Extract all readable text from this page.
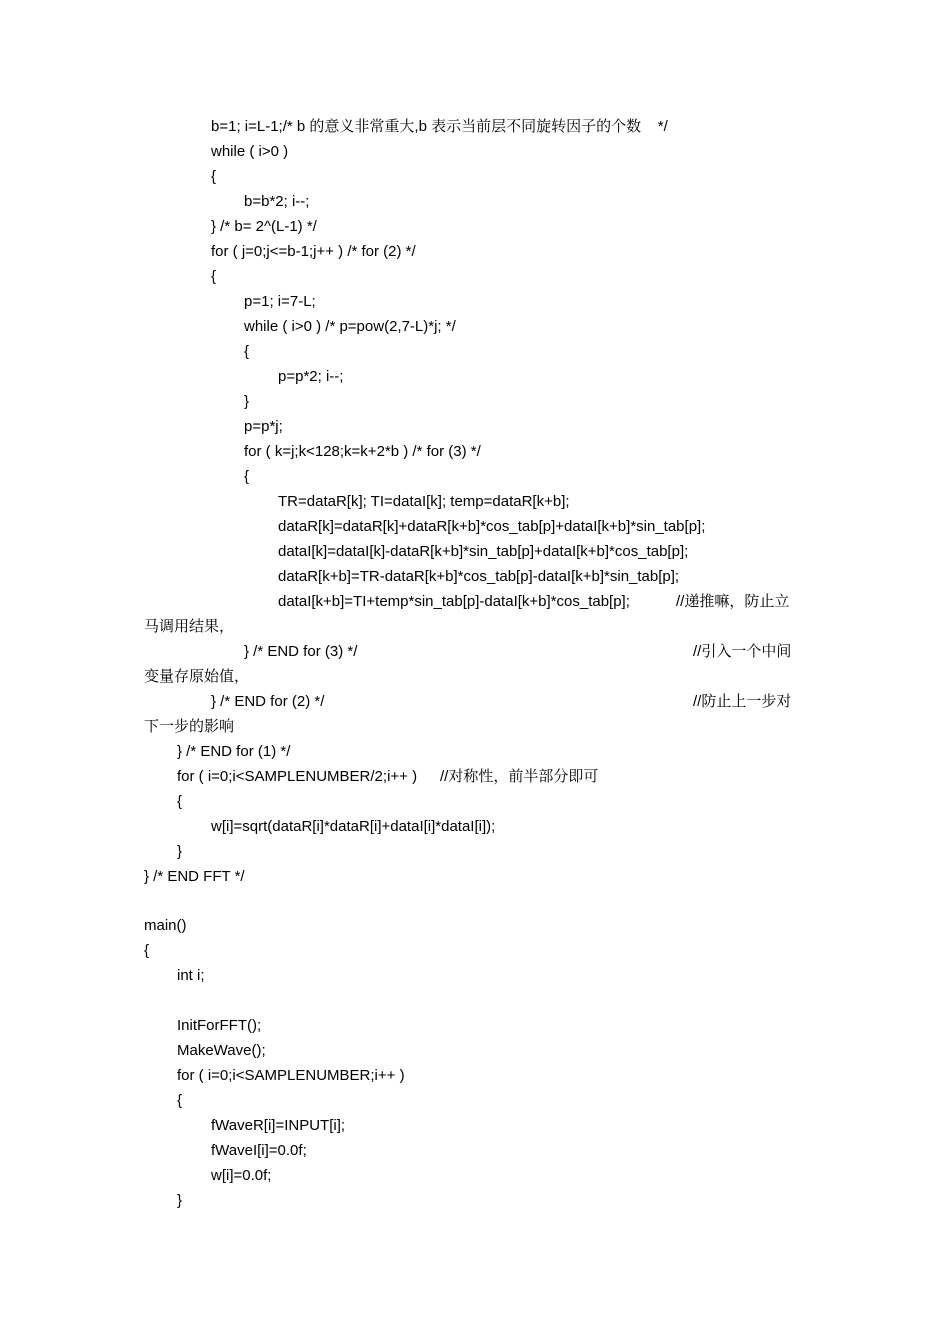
b=1; i=L-1;/* b 的意义非常重大,b 表示当前层不同旋转因子的个数    */
while ( i>0 )
{
b=b*2; i--;
} /* b= 2^(L-1) */
for ( j=0;j<=b-1;j++ ) /* for (2) */
{
p=1; i=7-L;
while ( i>0 ) /* p=pow(2,7-L)*j; */
{
p=p*2; i--;
}
p=p*j;
for ( k=j;k<128;k=k+2*b ) /* for (3) */
{
TR=dataR[k]; TI=dataI[k]; temp=dataR[k+b];
dataR[k]=dataR[k]+dataR[k+b]*cos_tab[p]+dataI[k+b]*sin_tab[p];
dataI[k]=dataI[k]-dataR[k+b]*sin_tab[p]+dataI[k+b]*cos_tab[p];
dataR[k+b]=TR-dataR[k+b]*cos_tab[p]-dataI[k+b]*sin_tab[p];
dataI[k+b]=TI+temp*sin_tab[p]-dataI[k+b]*cos_tab[p];	//递推嘛，防止立
马调用结果，
} /* END for (3) */	//引入一个中间
变量存原始值，
} /* END for (2) */	//防止上一步对
下一步的影响
} /* END for (1) */
for ( i=0;i<SAMPLENUMBER/2;i++ ) //对称性，前半部分即可
{
w[i]=sqrt(dataR[i]*dataR[i]+dataI[i]*dataI[i]);
}
} /* END FFT */
main()
{
int i;
InitForFFT();
MakeWave();
for ( i=0;i<SAMPLENUMBER;i++ )
{
fWaveR[i]=INPUT[i];
fWaveI[i]=0.0f;
w[i]=0.0f;
}
